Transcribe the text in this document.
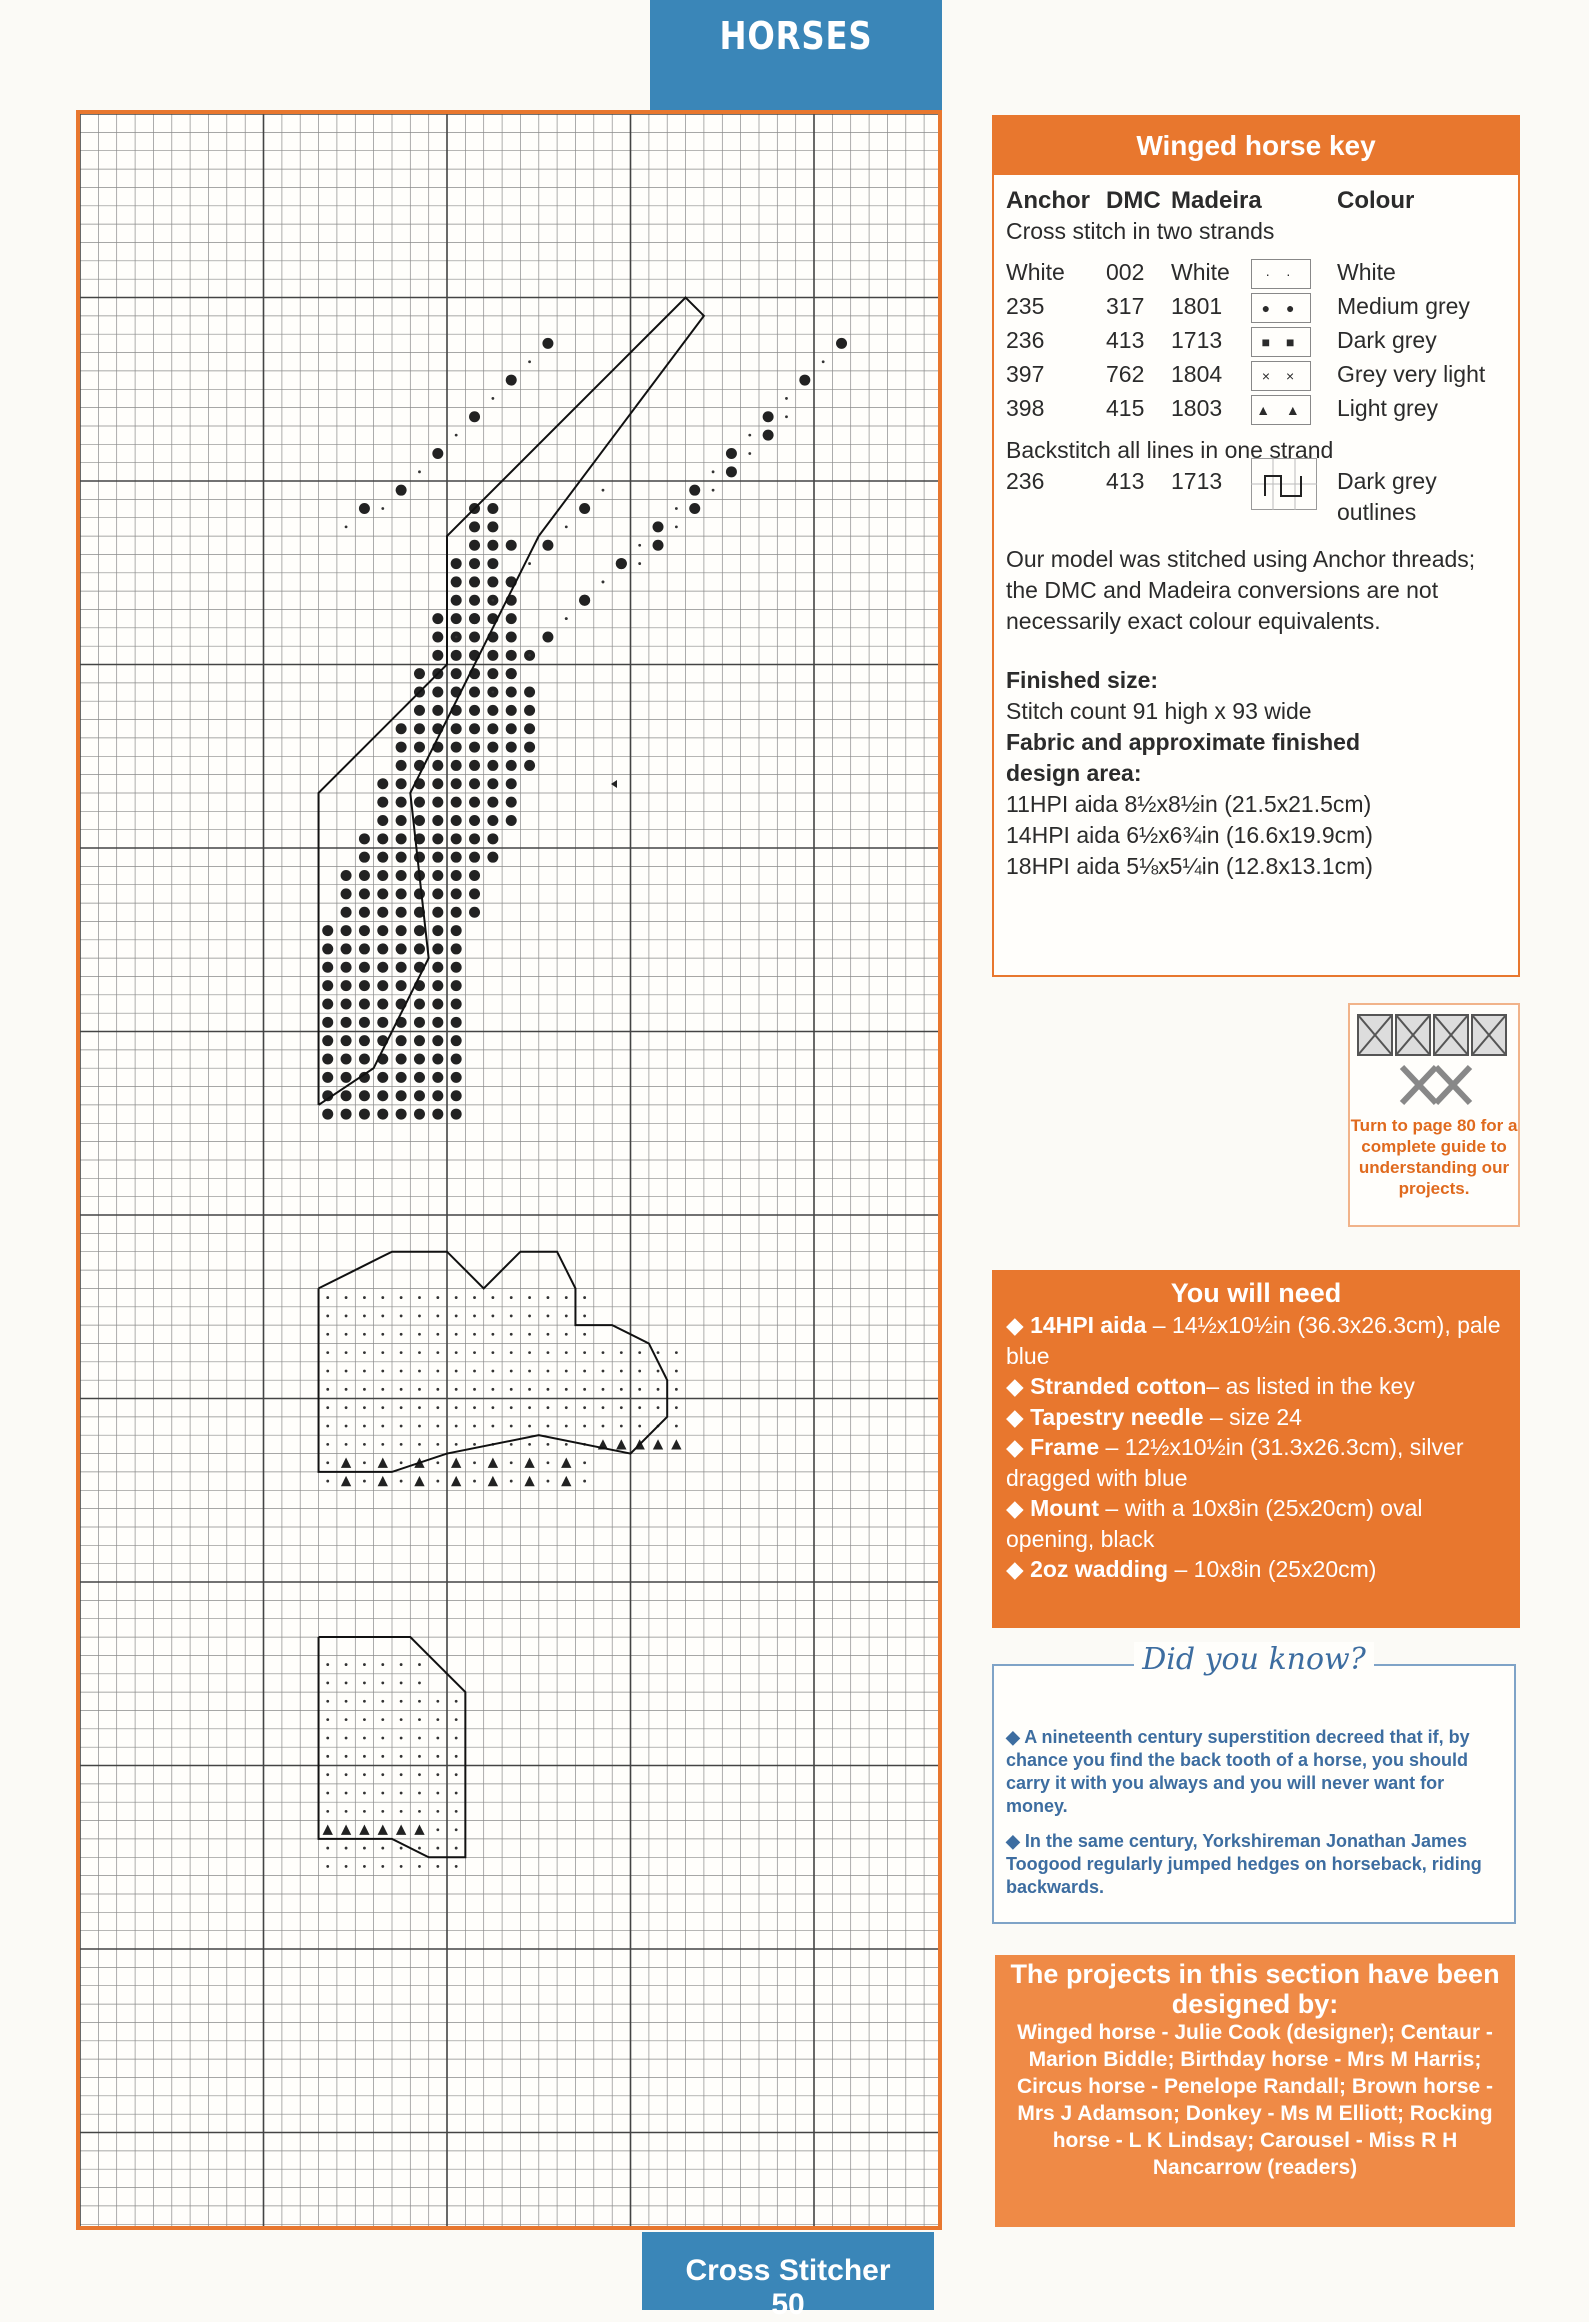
HORSES
Cross Stitcher
50
Winged horse key
Anchor DMC Madeira	Colour
Cross stitch in two strands
White	002	White	· ·	White
235	317	1801	● ●	Medium grey
236	413	1713	■ ■	Dark grey
397	762	1804	× ×	Grey very light
398	415	1803	▲ ▲	Light grey
Backstitch all lines in one strand
236	413	1713	Dark grey
outlines
Our model was stitched using Anchor threads; the DMC and Madeira conversions are not necessarily exact colour equivalents.
Finished size:
Stitch count 91 high x 93 wide
Fabric and approximate finished design area:
11HPI aida 8½x8½in (21.5x21.5cm)
14HPI aida 6½x6¾in (16.6x19.9cm)
18HPI aida 5⅛x5¼in (12.8x13.1cm)
Turn to page 80 for a complete guide to understanding our projects.
You will need
◆ 14HPI aida – 14½x10½in (36.3x26.3cm), pale blue
◆ Stranded cotton– as listed in the key
◆ Tapestry needle – size 24
◆ Frame – 12½x10½in (31.3x26.3cm), silver dragged with blue
◆ Mount – with a 10x8in (25x20cm) oval opening, black
◆ 2oz wadding – 10x8in (25x20cm)
Did you know?
◆ A nineteenth century superstition decreed that if, by chance you find the back tooth of a horse, you should carry it with you always and you will never want for money.
◆ In the same century, Yorkshireman Jonathan James Toogood regularly jumped hedges on horseback, riding backwards.
The projects in this section have been designed by:
Winged horse - Julie Cook (designer); Centaur - Marion Biddle; Birthday horse - Mrs M Harris; Circus horse - Penelope Randall; Brown horse - Mrs J Adamson; Donkey - Ms M Elliott; Rocking horse - L K Lindsay; Carousel - Miss R H Nancarrow (readers)
